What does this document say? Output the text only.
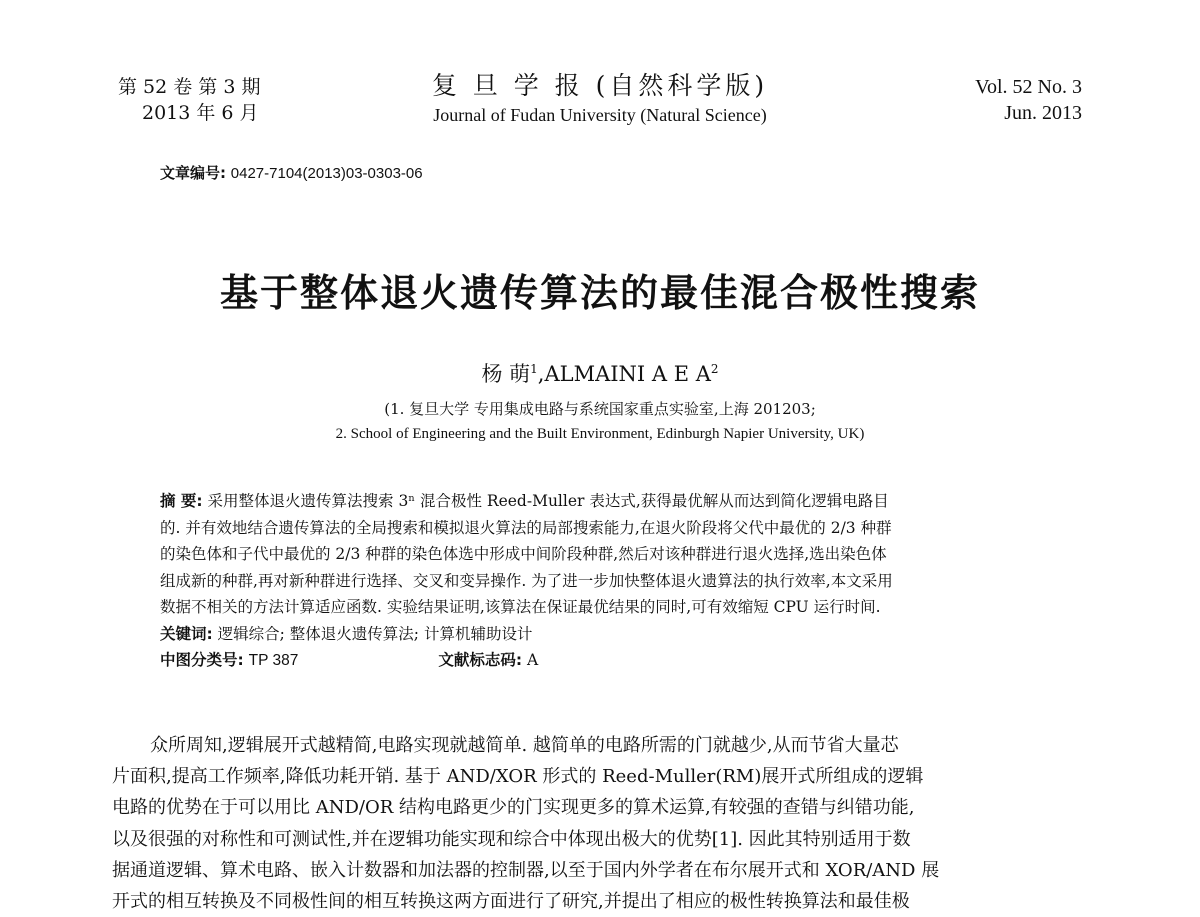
第 52 卷 第 3 期
2013 年 6 月
复 旦 学 报 (自然科学版)
Journal of Fudan University (Natural Science)
Vol. 52 No. 3
Jun. 2013
文章编号: 0427-7104(2013)03-0303-06
基于整体退火遗传算法的最佳混合极性搜索
杨 萌$^1$,ALMAINI A E $A^2$
(1. 复旦大学 专用集成电路与系统国家重点实验室,上海 201203;
2. School of Engineering and the Built Environment, Edinburgh Napier University, UK)

摘 要: 采用整体退火遗传算法搜索 3ⁿ 混合极性 Reed-Muller 表达式,获得最优解从而达到简化逻辑电路目

的. 并有效地结合遗传算法的全局搜索和模拟退火算法的局部搜索能力,在退火阶段将父代中最优的 2/3 种群

的染色体和子代中最优的 2/3 种群的染色体选中形成中间阶段种群,然后对该种群进行退火选择,选出染色体

组成新的种群,再对新种群进行选择、交叉和变异操作. 为了进一步加快整体退火遗算法的执行效率,本文采用

数据不相关的方法计算适应函数. 实验结果证明,该算法在保证最优结果的同时,可有效缩短 CPU 运行时间.

关键词: 逻辑综合; 整体退火遗传算法; 计算机辅助设计

中图分类号: TP 387	文献标志码: A

众所周知,逻辑展开式越精简,电路实现就越简单. 越简单的电路所需的门就越少,从而节省大量芯

片面积,提高工作频率,降低功耗开销. 基于 AND/XOR 形式的 Reed-Muller(RM)展开式所组成的逻辑

电路的优势在于可以用比 AND/OR 结构电路更少的门实现更多的算术运算,有较强的查错与纠错功能,

以及很强的对称性和可测试性,并在逻辑功能实现和综合中体现出极大的优势[1]. 因此其特别适用于数

据通道逻辑、算术电路、嵌入计数器和加法器的控制器,以至于国内外学者在布尔展开式和 XOR/AND 展

开式的相互转换及不同极性间的相互转换这两方面进行了研究,并提出了相应的极性转换算法和最佳极
